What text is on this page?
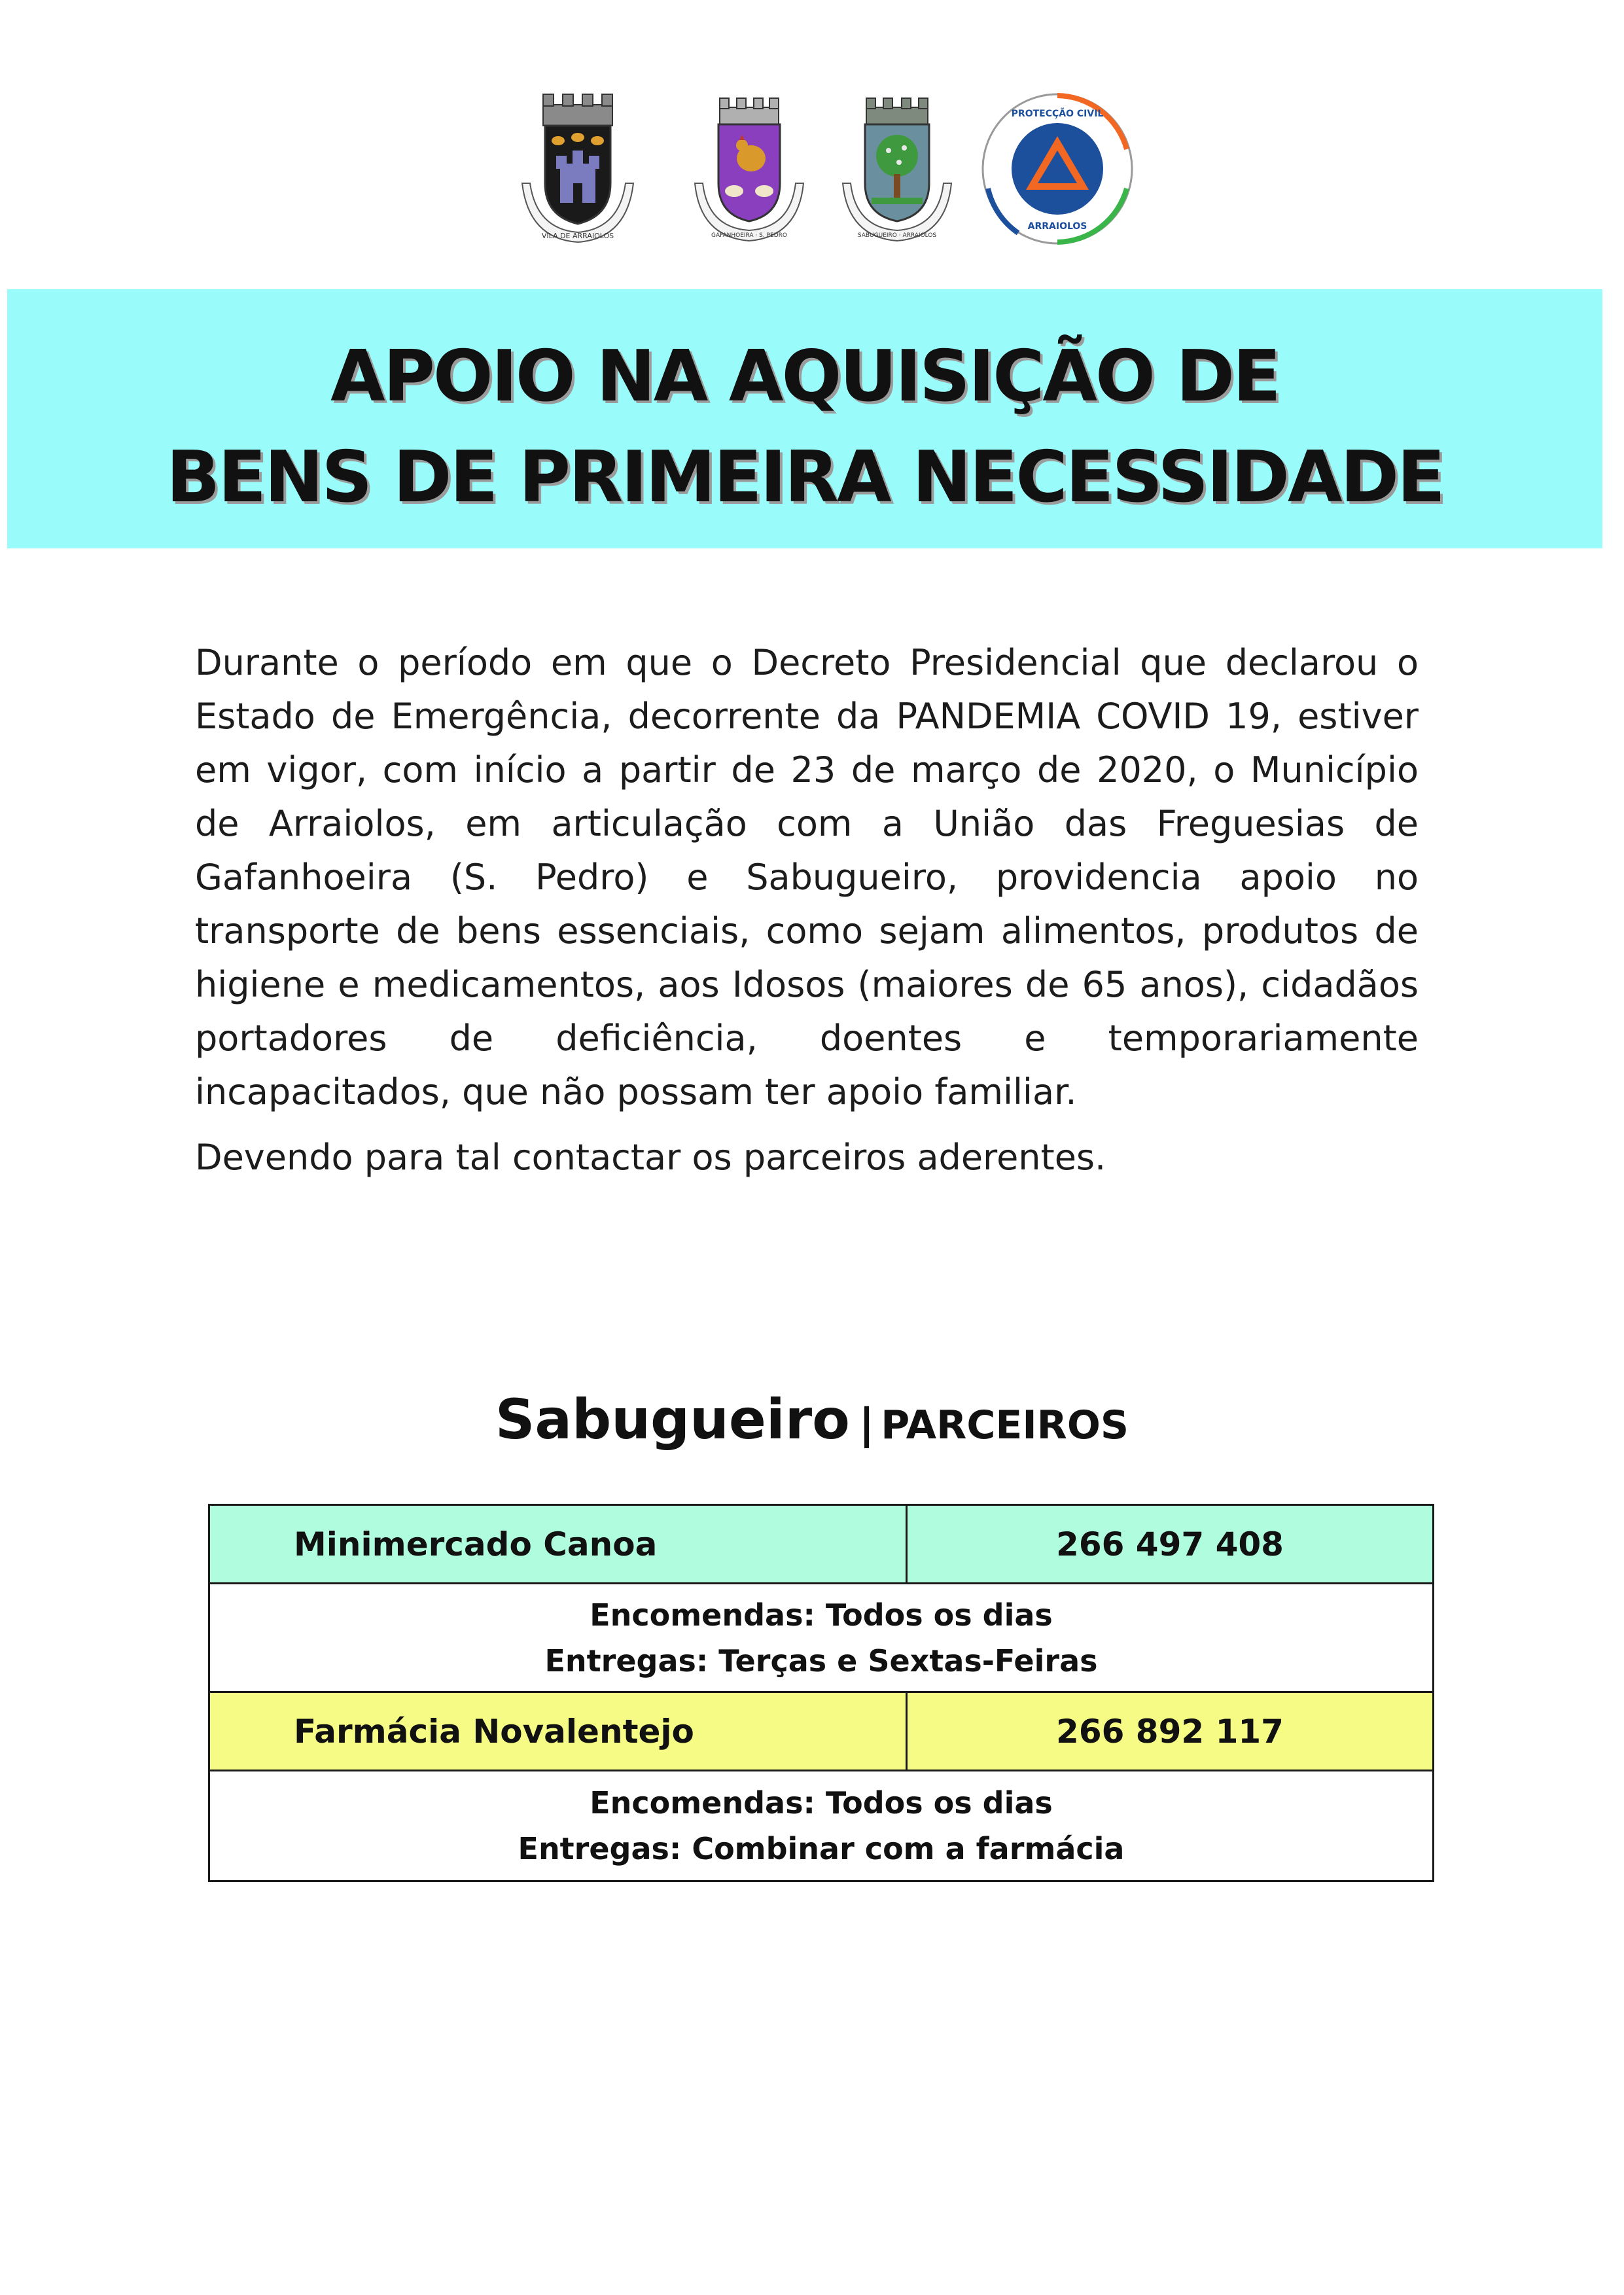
VILA DE ARRAIOLOS	GAFANHOEIRA · S. PEDRO	SABUGUEIRO · ARRAIOLOS
PROTECÇÃO CIVIL
ARRAIOLOS
APOIO NA AQUISIÇÃO DE
BENS DE PRIMEIRA NECESSIDADE

Durante o período em que o Decreto Presidencial que declarou o Estado de Emergência, decorrente da PANDEMIA COVID 19, estiver em vigor, com início a partir de 23 de março de 2020, o Município de Arraiolos, em articulação com a União das Freguesias de Gafanhoeira (S. Pedro) e Sabugueiro, providencia apoio no transporte de bens essenciais, como sejam alimentos, produtos de higiene e medicamentos, aos Idosos (maiores de 65 anos), cidadãos portadores de deficiência, doentes e temporariamente incapacitados, que não possam ter apoio familiar.

Devendo para tal contactar os parceiros aderentes.

Sabugueiro | PARCEIROS
Minimercado Canoa	266 497 408
Encomendas: Todos os dias
Entregas: Terças e Sextas-Feiras
Farmácia Novalentejo	266 892 117
Encomendas: Todos os dias
Entregas: Combinar com a farmácia
